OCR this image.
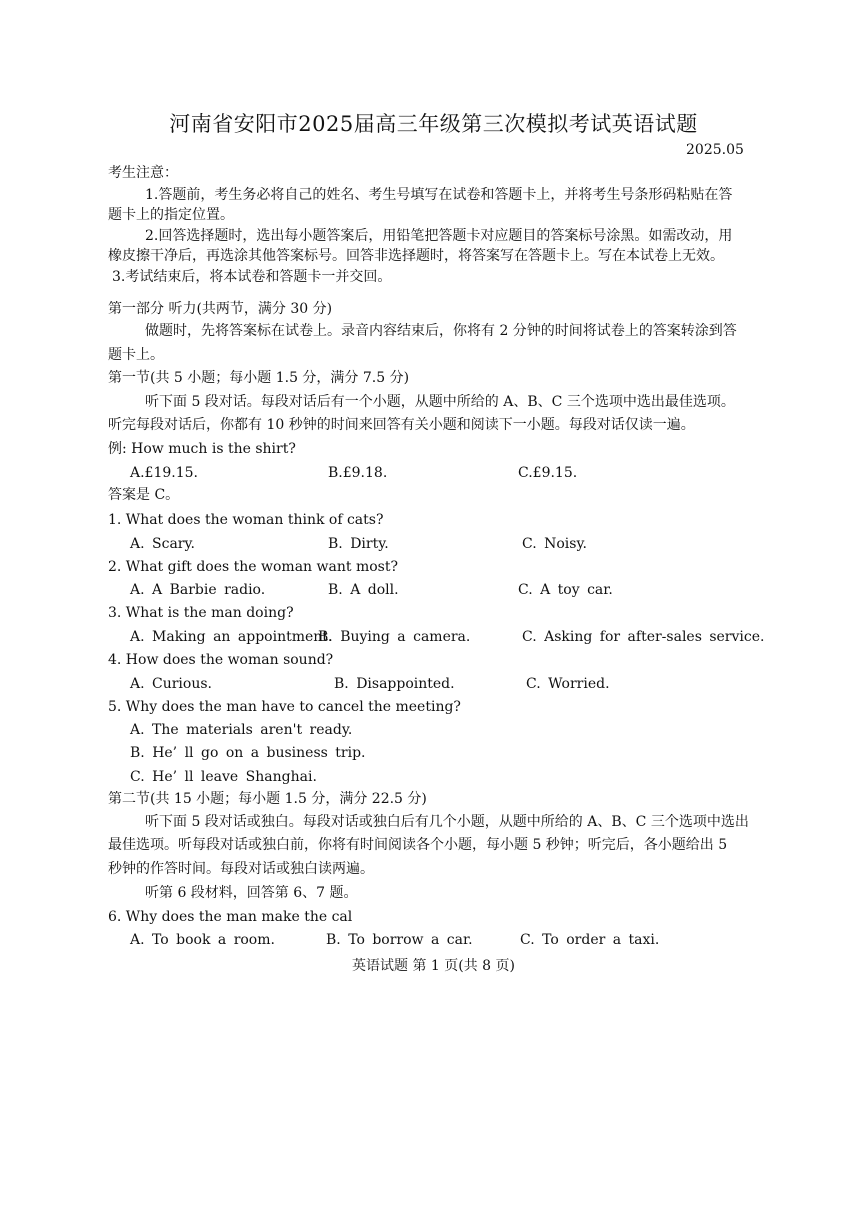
河南省安阳市2025届高三年级第三次模拟考试英语试题
2025.05
考生注意：
1.答题前，考生务必将自己的姓名、考生号填写在试卷和答题卡上，并将考生号条形码粘贴在答
题卡上的指定位置。
2.回答选择题时，选出每小题答案后，用铅笔把答题卡对应题目的答案标号涂黑。如需改动，用
橡皮擦干净后，再选涂其他答案标号。回答非选择题时，将答案写在答题卡上。写在本试卷上无效。
3.考试结束后，将本试卷和答题卡一并交回。
第一部分 听力(共两节，满分 30 分)
做题时，先将答案标在试卷上。录音内容结束后，你将有 2 分钟的时间将试卷上的答案转涂到答
题卡上。
第一节(共 5 小题；每小题 1.5 分，满分 7.5 分)
听下面 5 段对话。每段对话后有一个小题，从题中所给的 A、B、C 三个选项中选出最佳选项。
听完每段对话后，你都有 10 秒钟的时间来回答有关小题和阅读下一小题。每段对话仅读一遍。
例: How much is the shirt?
A.£19.15.	B.£9.18.	C.£9.15.
答案是 C。
1. What does the woman think of cats?
A. Scary.	B. Dirty.	C. Noisy.
2. What gift does the woman want most?
A. A Barbie radio.	B. A doll.	C. A toy car.
3. What is the man doing?
A. Making an appointment.
B. Buying a camera.	C. Asking for after-sales service.
4. How does the woman sound?
A. Curious.	B. Disappointed.	C. Worried.
5. Why does the man have to cancel the meeting?
A. The materials aren't ready.
B. He’ ll go on a business trip.
C. He’ ll leave Shanghai.
第二节(共 15 小题；每小题 1.5 分，满分 22.5 分)
听下面 5 段对话或独白。每段对话或独白后有几个小题，从题中所给的 A、B、C 三个选项中选出
最佳选项。听每段对话或独白前，你将有时间阅读各个小题，每小题 5 秒钟；听完后，各小题给出 5
秒钟的作答时间。每段对话或独白读两遍。
听第 6 段材料，回答第 6、7 题。
6. Why does the man make the cal
A. To book a room.	B. To borrow a car.	C. To order a taxi.
英语试题 第 1 页(共 8 页)
